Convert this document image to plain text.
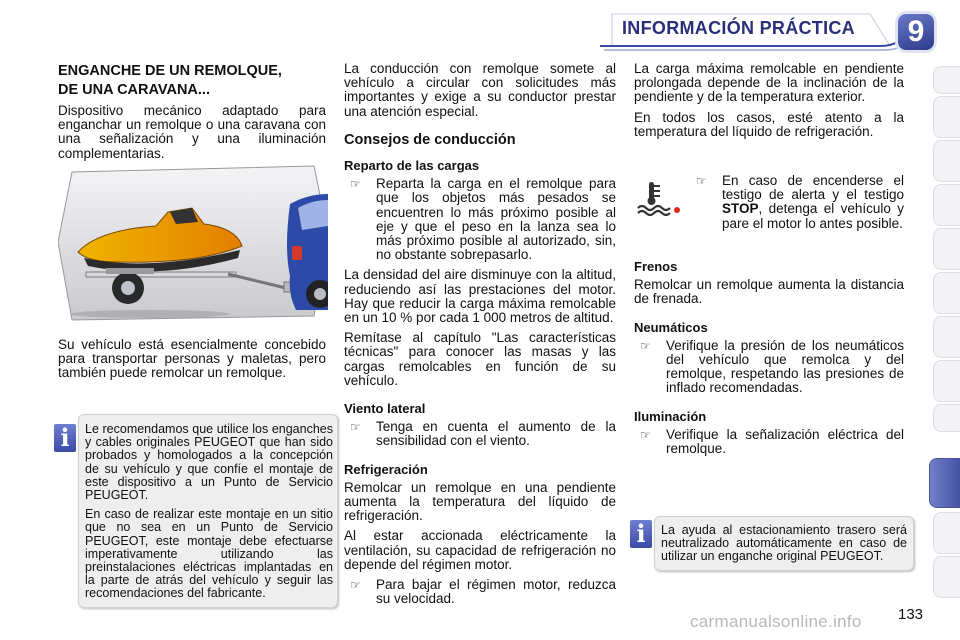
INFORMACIÓN PRÁCTICA	9
ENGANCHE DE UN REMOLQUE,
DE UNA CARAVANA...

Dispositivo mecánico adaptado para enganchar un remolque o una caravana con una señalización y una iluminación complementarias.

Su vehículo está esencialmente concebido para transportar personas y maletas, pero también puede remolcar un remolque.

i	Le recomendamos que utilice los enganches y cables originales PEUGEOT que han sido probados y homologados a la concepción de su vehículo y que confíe el montaje de este dispositivo a un Punto de Servicio PEUGEOT.

En caso de realizar este montaje en un sitio que no sea en un Punto de Servicio PEUGEOT, este montaje debe efectuarse imperativamente utilizando las preinstalaciones eléctricas implantadas en la parte de atrás del vehículo y seguir las recomendaciones del fabricante.

La conducción con remolque somete al vehículo a circular con solicitudes más importantes y exige a su conductor prestar una atención especial.

Consejos de conducción
Reparto de las cargas
☞	Reparta la carga en el remolque para que los objetos más pesados se encuentren lo más próximo posible al eje y que el peso en la lanza sea lo más próximo posible al autorizado, sin, no obstante sobrepasarlo.

La densidad del aire disminuye con la altitud, reduciendo así las prestaciones del motor. Hay que reducir la carga máxima remolcable en un 10 % por cada 1 000 metros de altitud.

Remítase al capítulo "Las características técnicas" para conocer las masas y las cargas remolcables en función de su vehículo.

Viento lateral
☞	Tenga en cuenta el aumento de la sensibilidad con el viento.
Refrigeración

Remolcar un remolque en una pendiente aumenta la temperatura del líquido de refrigeración.

Al estar accionada eléctricamente la ventilación, su capacidad de refrigeración no depende del régimen motor.

☞	Para bajar el régimen motor, reduzca su velocidad.

La carga máxima remolcable en pendiente prolongada depende de la inclinación de la pendiente y de la temperatura exterior.

En todos los casos, esté atento a la temperatura del líquido de refrigeración.

☞	En caso de encenderse el testigo de alerta y el testigo STOP, detenga el vehículo y pare el motor lo antes posible.
Frenos

Remolcar un remolque aumenta la distancia de frenada.

Neumáticos
☞	Verifique la presión de los neumáticos del vehículo que remolca y del remolque, respetando las presiones de inflado recomendadas.
Iluminación
☞	Verifique la señalización eléctrica del remolque.
i	La ayuda al estacionamiento trasero será neutralizado automáticamente en caso de utilizar un enganche original PEUGEOT.

carmanualsonline.info 133
